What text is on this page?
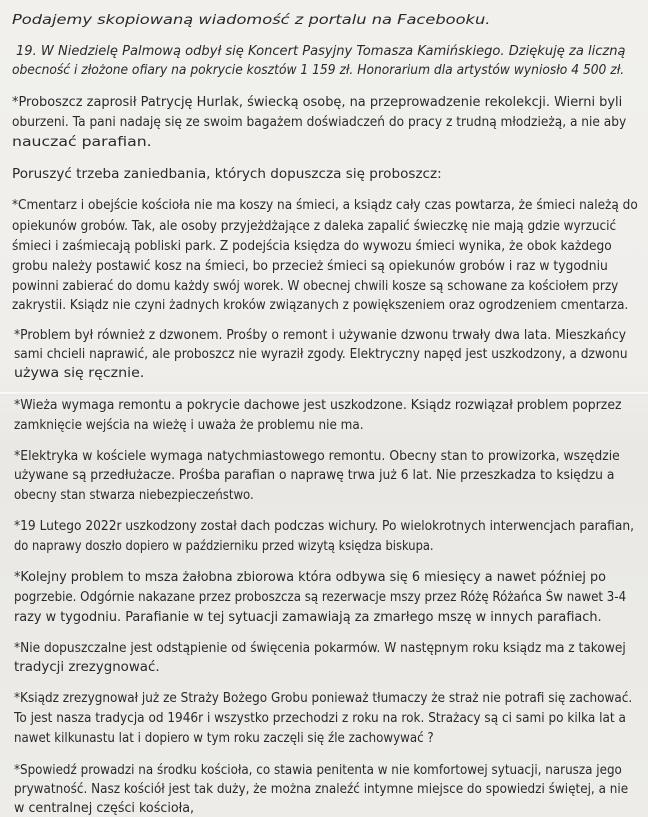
Podajemy skopiowaną wiadomość z portalu na Facebooku.
19. W Niedzielę Palmową odbył się Koncert Pasyjny Tomasza Kamińskiego. Dziękuję za liczną
obecność i złożone ofiary na pokrycie kosztów 1 159 zł. Honorarium dla artystów wyniosło 4 500 zł.
*Proboszcz zaprosił Patrycję Hurlak, świecką osobę, na przeprowadzenie rekolekcji. Wierni byli
oburzeni. Ta pani nadaję się ze swoim bagażem doświadczeń do pracy z trudną młodzieżą, a nie aby
nauczać parafian.
Poruszyć trzeba zaniedbania, których dopuszcza się proboszcz:
*Cmentarz i obejście kościoła nie ma koszy na śmieci, a ksiądz cały czas powtarza, że śmieci należą do
opiekunów grobów. Tak, ale osoby przyjeżdżające z daleka zapalić świeczkę nie mają gdzie wyrzucić
śmieci i zaśmiecają pobliski park. Z podejścia księdza do wywozu śmieci wynika, że obok każdego
grobu należy postawić kosz na śmieci, bo przecież śmieci są opiekunów grobów i raz w tygodniu
powinni zabierać do domu każdy swój worek. W obecnej chwili kosze są schowane za kościołem przy
zakrystii. Ksiądz nie czyni żadnych kroków związanych z powiększeniem oraz ogrodzeniem cmentarza.
*Problem był również z dzwonem. Prośby o remont i używanie dzwonu trwały dwa lata. Mieszkańcy
sami chcieli naprawić, ale proboszcz nie wyraził zgody. Elektryczny napęd jest uszkodzony, a dzwonu
używa się ręcznie.
*Wieża wymaga remontu a pokrycie dachowe jest uszkodzone. Ksiądz rozwiązał problem poprzez
zamknięcie wejścia na wieżę i uważa że problemu nie ma.
*Elektryka w kościele wymaga natychmiastowego remontu. Obecny stan to prowizorka, wszędzie
używane są przedłużacze. Prośba parafian o naprawę trwa już 6 lat. Nie przeszkadza to księdzu a
obecny stan stwarza niebezpieczeństwo.
*19 Lutego 2022r uszkodzony został dach podczas wichury. Po wielokrotnych interwencjach parafian,
do naprawy doszło dopiero w październiku przed wizytą księdza biskupa.
*Kolejny problem to msza żałobna zbiorowa która odbywa się 6 miesięcy a nawet później po
pogrzebie. Odgórnie nakazane przez proboszcza są rezerwacje mszy przez Różę Różańca Św nawet 3-4
razy w tygodniu. Parafianie w tej sytuacji zamawiają za zmarłego mszę w innych parafiach.
*Nie dopuszczalne jest odstąpienie od święcenia pokarmów. W następnym roku ksiądz ma z takowej
tradycji zrezygnować.
*Ksiądz zrezygnował już ze Straży Bożego Grobu ponieważ tłumaczy że straż nie potrafi się zachować.
To jest nasza tradycja od 1946r i wszystko przechodzi z roku na rok. Strażacy są ci sami po kilka lat a
nawet kilkunastu lat i dopiero w tym roku zaczęli się źle zachowywać ?
*Spowiedź prowadzi na środku kościoła, co stawia penitenta w nie komfortowej sytuacji, narusza jego
prywatność. Nasz kościół jest tak duży, że można znaleźć intymne miejsce do spowiedzi świętej, a nie
w centralnej części kościoła,
